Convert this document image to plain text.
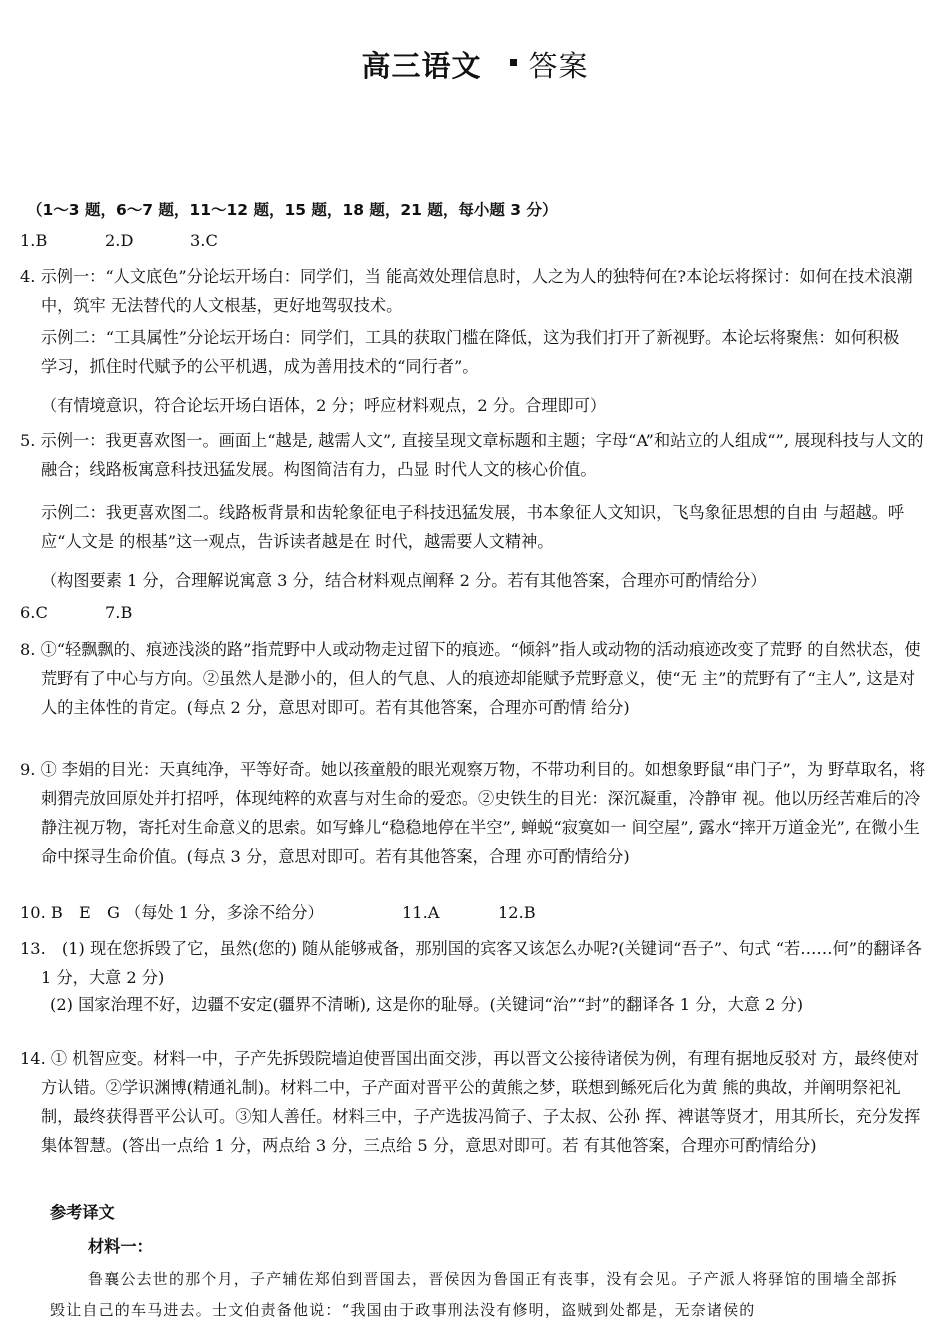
高三语文 答案
（1～3 题，6～7 题，11～12 题，15 题，18 题，21 题，每小题 3 分）
1.B	2.D	3.C
4. 示例一：“人文底色”分论坛开场白：同学们，当 能高效处理信息时，人之为人的独特何在?本论坛将探讨：如何在技术浪潮中，筑牢 无法替代的人文根基，更好地驾驭技术。
示例二：“工具属性”分论坛开场白：同学们，工具的获取门槛在降低，这为我们打开了新视野。本论坛将聚焦：如何积极学习，抓住时代赋予的公平机遇，成为善用技术的“同行者”。
（有情境意识，符合论坛开场白语体，2 分；呼应材料观点，2 分。合理即可）
5. 示例一：我更喜欢图一。画面上“越是, 越需人文”, 直接呈现文章标题和主题；字母“A”和站立的人组成“”, 展现科技与人文的融合；线路板寓意科技迅猛发展。构图简洁有力，凸显 时代人文的核心价值。
示例二：我更喜欢图二。线路板背景和齿轮象征电子科技迅猛发展，书本象征人文知识，飞鸟象征思想的自由 与超越。呼应“人文是 的根基”这一观点，告诉读者越是在 时代，越需要人文精神。
（构图要素 1 分，合理解说寓意 3 分，结合材料观点阐释 2 分。若有其他答案，合理亦可酌情给分）
6.C	7.B
8. ①“轻飘飘的、痕迹浅淡的路”指荒野中人或动物走过留下的痕迹。“倾斜”指人或动物的活动痕迹改变了荒野 的自然状态，使荒野有了中心与方向。②虽然人是渺小的，但人的气息、人的痕迹却能赋予荒野意义，使“无 主”的荒野有了“主人”, 这是对人的主体性的肯定。(每点 2 分，意思对即可。若有其他答案，合理亦可酌情 给分)
9. ① 李娟的目光：天真纯净，平等好奇。她以孩童般的眼光观察万物，不带功利目的。如想象野鼠“串门子”，为 野草取名，将刺猬壳放回原处并打招呼，体现纯粹的欢喜与对生命的爱恋。②史铁生的目光：深沉凝重，冷静审 视。他以历经苦难后的冷静注视万物，寄托对生命意义的思索。如写蜂儿“稳稳地停在半空”, 蝉蜕“寂寞如一 间空屋”, 露水“摔开万道金光”, 在微小生命中探寻生命价值。(每点 3 分，意思对即可。若有其他答案，合理 亦可酌情给分)
10. B　E　G （每处 1 分，多涂不给分）	11.A	12.B
13.　(1) 现在您拆毁了它，虽然(您的) 随从能够戒备，那别国的宾客又该怎么办呢?(关键词“吾子”、句式 “若……何”的翻译各 1 分，大意 2 分)
(2) 国家治理不好，边疆不安定(疆界不清晰), 这是你的耻辱。(关键词“治”“封”的翻译各 1 分，大意 2 分)
14. ① 机智应变。材料一中，子产先拆毁院墙迫使晋国出面交涉，再以晋文公接待诸侯为例，有理有据地反驳对 方，最终使对方认错。②学识渊博(精通礼制)。材料二中，子产面对晋平公的黄熊之梦，联想到鲧死后化为黄 熊的典故，并阐明祭祀礼制，最终获得晋平公认可。③知人善任。材料三中，子产选拔冯简子、子太叔、公孙 挥、裨谌等贤才，用其所长，充分发挥集体智慧。(答出一点给 1 分，两点给 3 分，三点给 5 分，意思对即可。若 有其他答案，合理亦可酌情给分)
参考译文
材料一：
鲁襄公去世的那个月，子产辅佐郑伯到晋国去，晋侯因为鲁国正有丧事，没有会见。子产派人将驿馆的围墙全部拆毁让自己的车马进去。士文伯责备他说：“我国由于政事刑法没有修明，盗贼到处都是，无奈诸侯的
